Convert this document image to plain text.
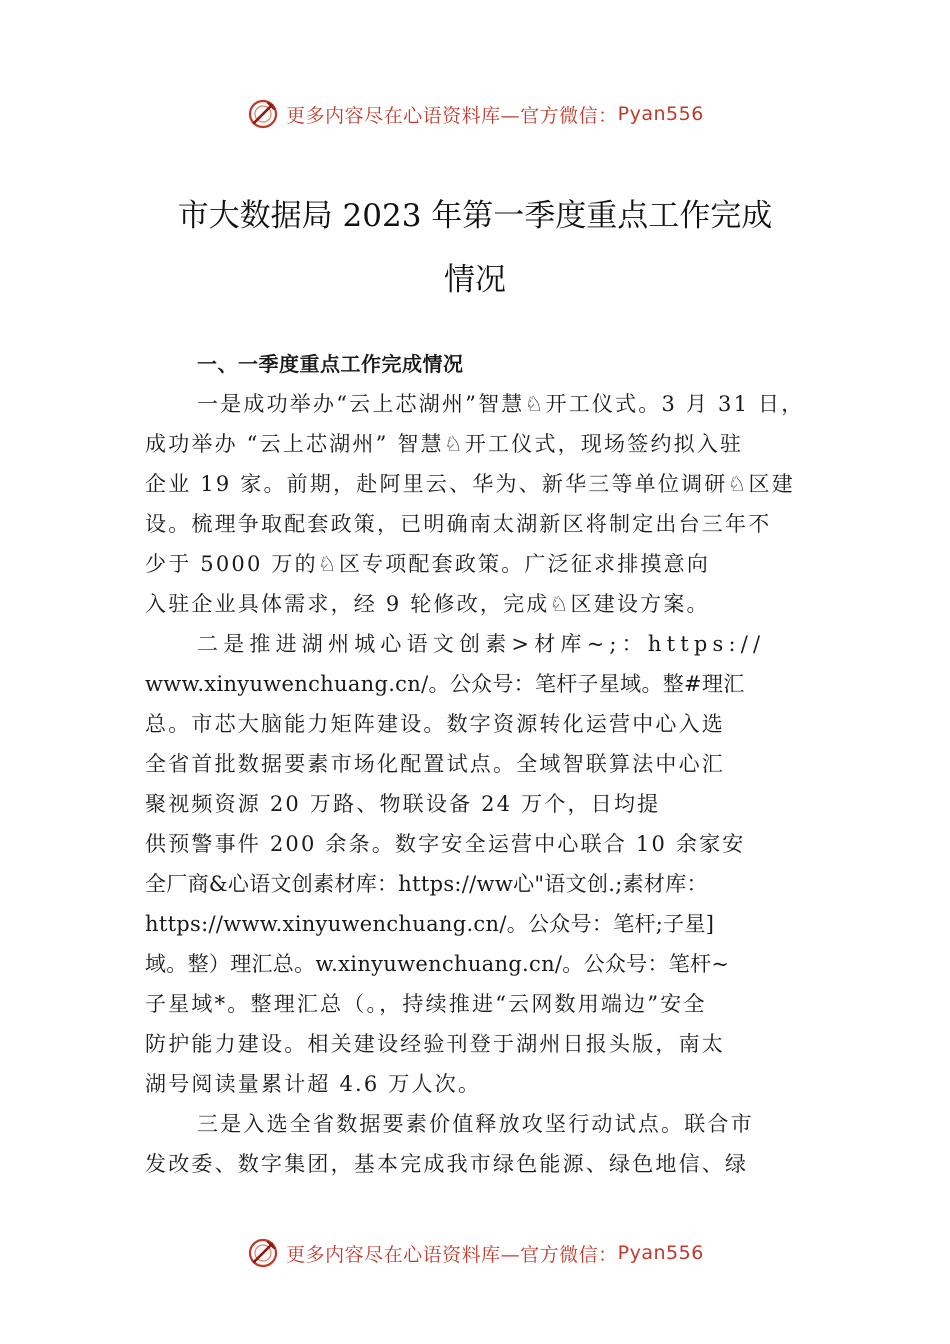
更多内容尽在心语资料库—官方微信： Pyan556
市大数据局 2023 年第一季度重点工作完成
情况
一、一季度重点工作完成情况
一是成功举办“云上芯湖州”智慧♘开工仪式。3 月 31 日，
成功举办 “云上芯湖州” 智慧♘开工仪式，现场签约拟入驻
企业 19 家。前期，赴阿里云、华为、新华三等单位调研♘区建
设。梳理争取配套政策，已明确南太湖新区将制定出台三年不
少于 5000 万的♘区专项配套政策。广泛征求排摸意向
入驻企业具体需求，经 9 轮修改，完成♘区建设方案。
二是推进湖州城心语文创素>材库~;：https://
www.xinyuwenchuang.cn/。公众号：笔杆子星域。整#理汇
总。市芯大脑能力矩阵建设。数字资源转化运营中心入选
全省首批数据要素市场化配置试点。全域智联算法中心汇
聚视频资源 20 万路、物联设备 24 万个，日均提
供预警事件 200 余条。数字安全运营中心联合 10 余家安
全厂商&心语文创素材库：https://ww心"语文创.;素材库：
https://www.xinyuwenchuang.cn/。公众号：笔杆;子星]
域。整）理汇总。w.xinyuwenchuang.cn/。公众号：笔杆~
子星域*。整理汇总（。，持续推进“云网数用端边”安全
防护能力建设。相关建设经验刊登于湖州日报头版，南太
湖号阅读量累计超 4.6 万人次。
三是入选全省数据要素价值释放攻坚行动试点。联合市
发改委、数字集团，基本完成我市绿色能源、绿色地信、绿
更多内容尽在心语资料库—官方微信： Pyan556
